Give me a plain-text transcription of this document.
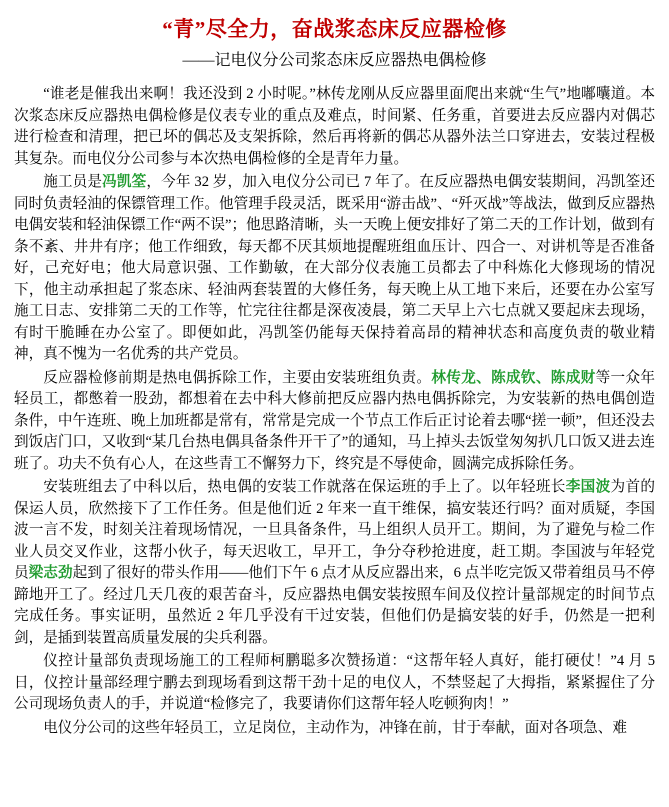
“青”尽全力，奋战浆态床反应器检修
——记电仪分公司浆态床反应器热电偶检修

“谁老是催我出来啊！我还没到 2 小时呢。”林传龙刚从反应器里面爬出来就“生气”地嘟囔道。本次浆态床反应器热电偶检修是仪表专业的重点及难点，时间紧、任务重，首要进去反应器内对偶芯进行检查和清理，把已坏的偶芯及支架拆除，然后再将新的偶芯从器外法兰口穿进去，安装过程极其复杂。而电仪分公司参与本次热电偶检修的全是青年力量。

施工员是冯凯筌，今年 32 岁，加入电仪分公司已 7 年了。在反应器热电偶安装期间，冯凯筌还同时负责轻油的保镖管理工作。他管理手段灵活，既采用“游击战”、“歼灭战”等战法，做到反应器热电偶安装和轻油保镖工作“两不误”；他思路清晰，头一天晚上便安排好了第二天的工作计划，做到有条不紊、井井有序；他工作细致，每天都不厌其烦地提醒班组血压计、四合一、对讲机等是否准备好，己充好电；他大局意识强、工作勤敏，在大部分仪表施工员都去了中科炼化大修现场的情况下，他主动承担起了浆态床、轻油两套装置的大修任务，每天晚上从工地下来后，还要在办公室写施工日志、安排第二天的工作等，忙完往往都是深夜凌晨，第二天早上六七点就又要起床去现场，有时干脆睡在办公室了。即便如此，冯凯筌仍能每天保持着高昂的精神状态和高度负责的敬业精神，真不愧为一名优秀的共产党员。

反应器检修前期是热电偶拆除工作，主要由安装班组负责。林传龙、陈成钦、陈成财等一众年轻员工，都憋着一股劲，都想着在去中科大修前把反应器内热电偶拆除完，为安装新的热电偶创造条件，中午连班、晚上加班都是常有，常常是完成一个节点工作后正讨论着去哪“搓一顿”，但还没去到饭店门口，又收到“某几台热电偶具备条件开干了”的通知，马上掉头去饭堂匆匆扒几口饭又进去连班了。功夫不负有心人，在这些青工不懈努力下，终究是不辱使命，圆满完成拆除任务。

安装班组去了中科以后，热电偶的安装工作就落在保运班的手上了。以年轻班长李国波为首的保运人员，欣然接下了工作任务。但是他们近 2 年来一直干维保，搞安装还行吗？面对质疑，李国波一言不发，时刻关注着现场情况，一旦具备条件，马上组织人员开工。期间，为了避免与检二作业人员交叉作业，这帮小伙子，每天迟收工，早开工，争分夺秒抢进度，赶工期。李国波与年轻党员梁志劲起到了很好的带头作用——他们下午 6 点才从反应器出来，6 点半吃完饭又带着组员马不停蹄地开工了。经过几天几夜的艰苦奋斗，反应器热电偶安装按照车间及仪控计量部规定的时间节点完成任务。事实证明，虽然近 2 年几乎没有干过安装，但他们仍是搞安装的好手，仍然是一把利剑，是插到装置高质量发展的尖兵利器。

仪控计量部负责现场施工的工程师柯鹏聪多次赞扬道：“这帮年轻人真好，能打硬仗！”4 月 5 日，仪控计量部经理宁鹏去到现场看到这帮干劲十足的电仪人，不禁竖起了大拇指，紧紧握住了分公司现场负责人的手，并说道“检修完了，我要请你们这帮年轻人吃顿狗肉！”

电仪分公司的这些年轻员工，立足岗位，主动作为，冲锋在前，甘于奉献，面对各项急、难
